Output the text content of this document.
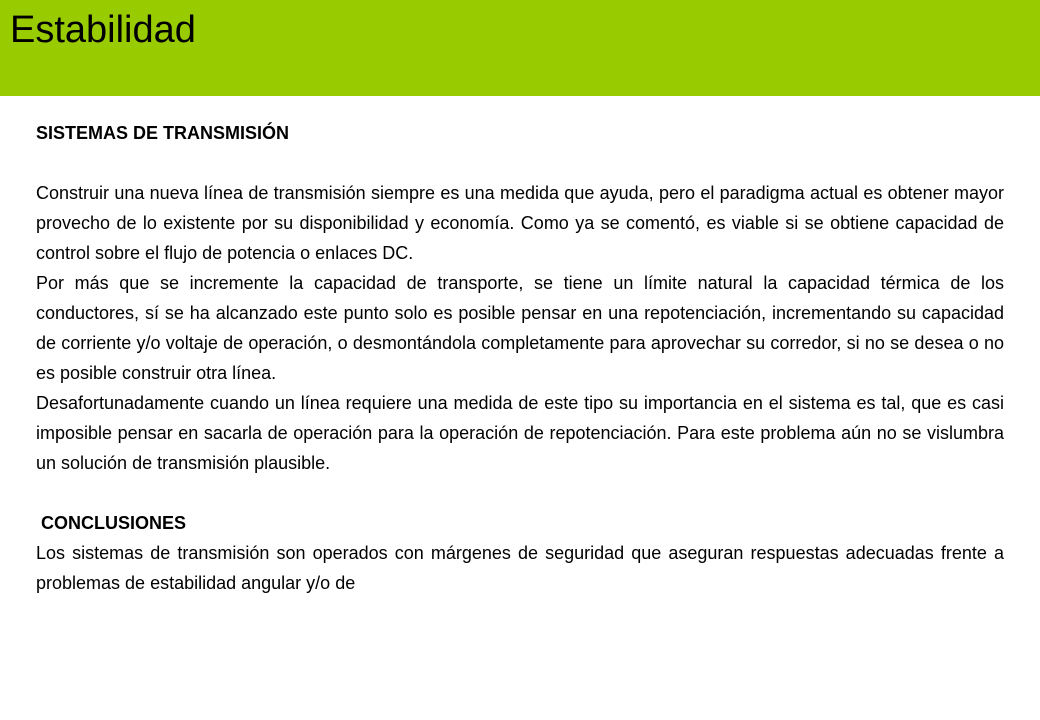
Estabilidad
SISTEMAS DE TRANSMISIÓN

Construir una nueva línea de transmisión siempre es una medida que ayuda, pero el paradigma actual es obtener mayor provecho de lo existente por su disponibilidad y economía. Como ya se comentó, es viable si se obtiene capacidad de control sobre el flujo de potencia o enlaces DC.

Por más que se incremente la capacidad de transporte, se tiene un límite natural la capacidad térmica de los conductores, sí se ha alcanzado este punto solo es posible pensar en una repotenciación, incrementando su capacidad de corriente y/o voltaje de operación, o desmontándola completamente para aprovechar su corredor, si no se desea o no es posible construir otra línea.

Desafortunadamente cuando un línea requiere una medida de este tipo su importancia en el sistema es tal, que es casi imposible pensar en sacarla de operación para la operación de repotenciación. Para este problema aún no se vislumbra un solución de transmisión plausible.

CONCLUSIONES

Los sistemas de transmisión son operados con márgenes de seguridad que aseguran respuestas adecuadas frente a problemas de estabilidad angular y/o de
